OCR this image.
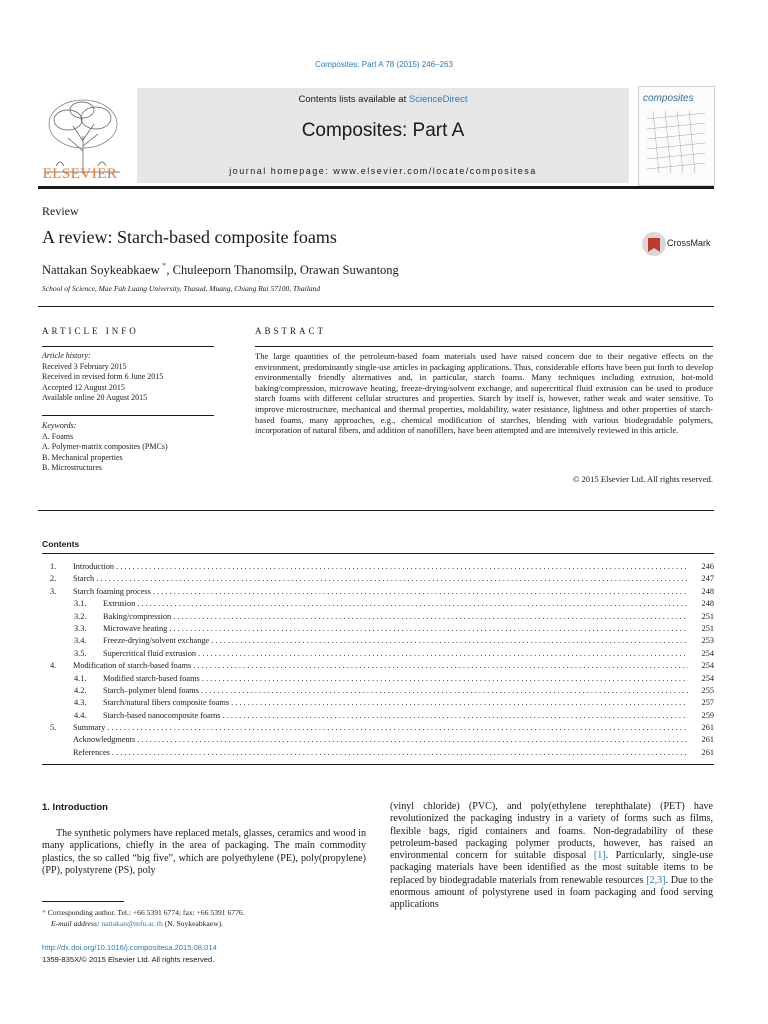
Composites: Part A 78 (2015) 246–263
ELSEVIER
Contents lists available at ScienceDirect
Composites: Part A
journal homepage: www.elsevier.com/locate/compositesa
composites
Review
A review: Starch-based composite foams	CrossMark
Nattakan Soykeabkaew *, Chuleeporn Thanomsilp, Orawan Suwantong
School of Science, Mae Fah Luang University, Thasud, Muang, Chiang Rai 57100, Thailand
ARTICLE INFO	ABSTRACT
Article history:
Received 3 February 2015
Received in revised form 6 June 2015
Accepted 12 August 2015
Available online 20 August 2015
Keywords:
A. Foams
A. Polymer-matrix composites (PMCs)
B. Mechanical properties
B. Microstructures
The large quantities of the petroleum-based foam materials used have raised concern due to their negative effects on the environment, predominantly single-use articles in packaging applications. Thus, considerable efforts have been put forth to develop environmentally friendly alternatives and, in particular, starch foams. Many techniques including extrusion, hot-mold baking/compression, microwave heating, freeze-drying/solvent exchange, and supercritical fluid extrusion can be used to produce starch foams with different cellular structures and properties. Starch by itself is, however, rather weak and water sensitive. To improve microstructure, mechanical and thermal properties, moldability, water resistance, lightness and other properties of starch-based foams, many approaches, e.g., chemical modification of starches, blending with various biodegradable polymers, incorporation of natural fibers, and addition of nanofillers, have been attempted and are intensively reviewed in this article.
© 2015 Elsevier Ltd. All rights reserved.
Contents
1. Introduction . . .	246
2. Starch . . .	247
3. Starch foaming process . . .	248
3.1. Extrusion . . .	248
3.2. Baking/compression . . .	251
3.3. Microwave heating . . .	251
3.4. Freeze-drying/solvent exchange . . .	253
3.5. Supercritical fluid extrusion . . .	254
4. Modification of starch-based foams . . .	254
4.1. Modified starch-based foams . . .	254
4.2. Starch–polymer blend foams . . .	255
4.3. Starch/natural fibers composite foams . . .	257
4.4. Starch-based nanocomposite foams . . .	259
5. Summary . . .	261
Acknowledgments . . .	261
References . . .	261
1. Introduction
The synthetic polymers have replaced metals, glasses, ceramics and wood in many applications, chiefly in the area of packaging. The main commodity plastics, the so called “big five”, which are polyethylene (PE), poly(propylene) (PP), polystyrene (PS), poly
(vinyl chloride) (PVC), and poly(ethylene terephthalate) (PET) have revolutionized the packaging industry in a variety of forms such as films, flexible bags, rigid containers and foams. Non-degradability of these petroleum-based packaging polymer products, however, has raised an environmental concern for suitable disposal [1]. Particularly, single-use packaging materials have been identified as the most suitable items to be replaced by biodegradable materials from renewable resources [2,3]. Due to the enormous amount of polystyrene used in foam packaging and food serving applications
* Corresponding author. Tel.: +66 5391 6774; fax: +66 5391 6776.
E-mail address: nattakan@mfu.ac.th (N. Soykeabkaew).
http://dx.doi.org/10.1016/j.compositesa.2015.08.014
1359-835X/© 2015 Elsevier Ltd. All rights reserved.
